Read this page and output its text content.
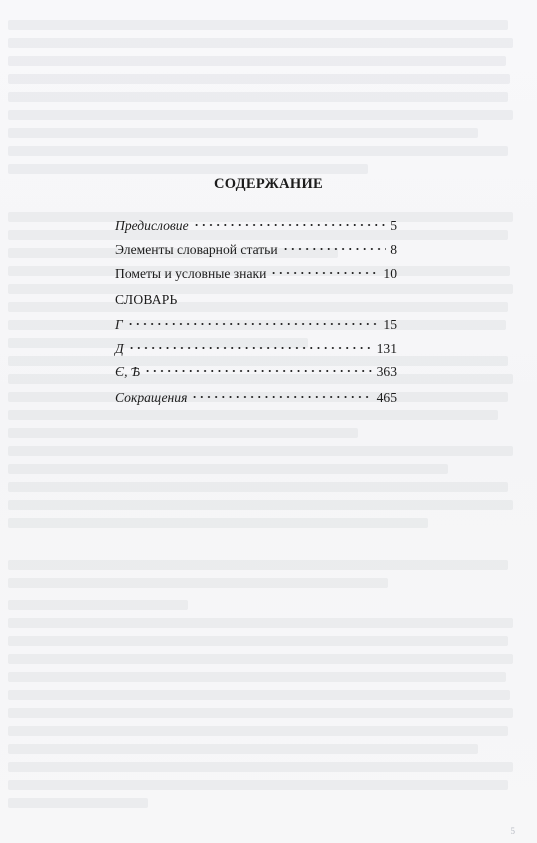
СОДЕРЖАНИЕ
Предисловие	5
Элементы словарной статьи	8
Пометы и условные знаки	10
СЛОВАРЬ
Г	15
Д	131
Є, Ѣ	363
Сокращения	465
5
